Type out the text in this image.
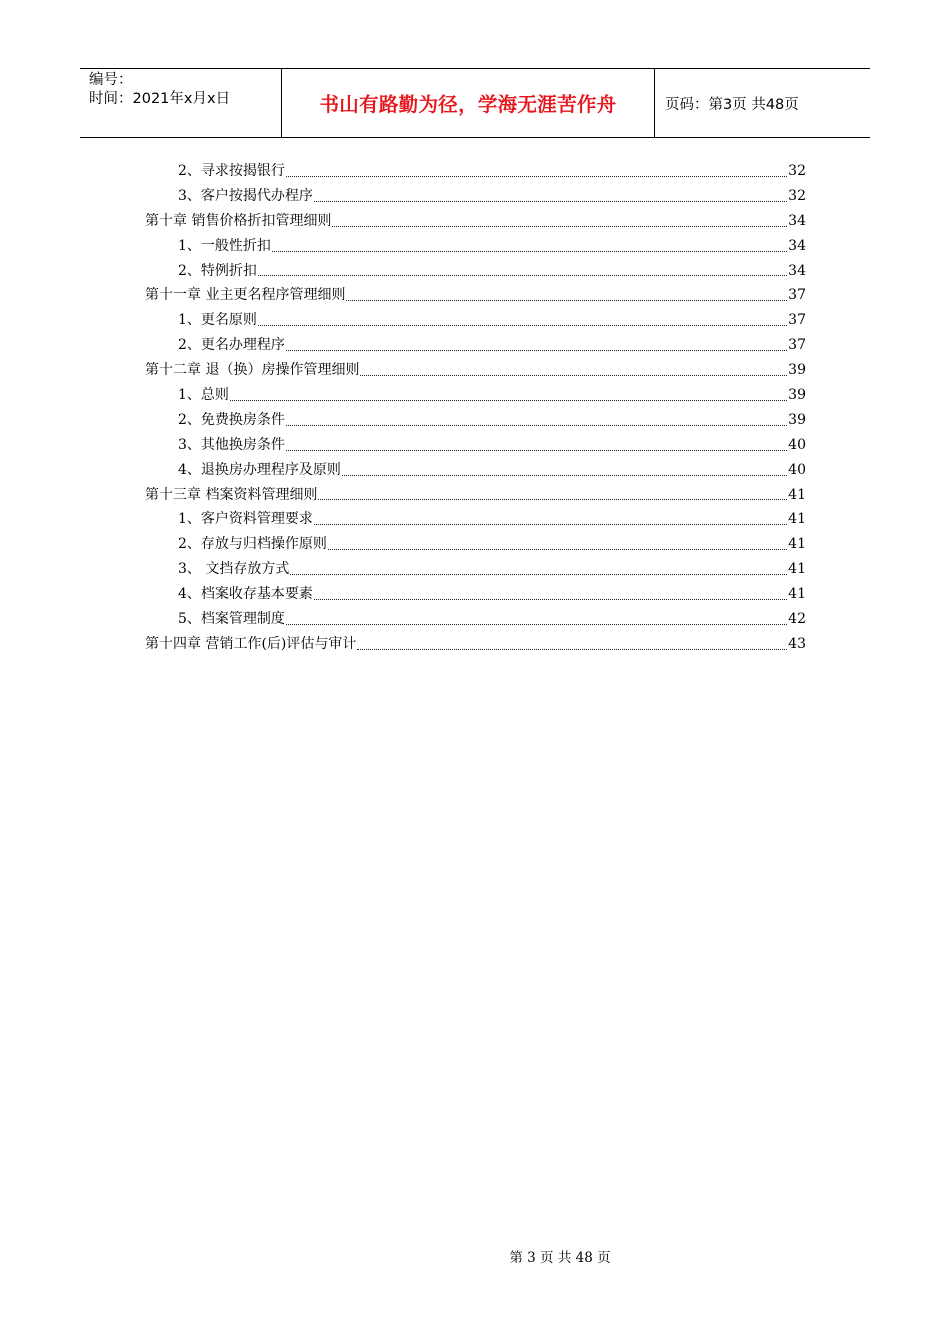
编号：
时间：2021年x月x日	书山有路勤为径，学海无涯苦作舟	页码：第3页 共48页
2、寻求按揭银行	32
3、客户按揭代办程序	32
第十章 销售价格折扣管理细则	34
1、一般性折扣	34
2、特例折扣	34
第十一章 业主更名程序管理细则	37
1、更名原则	37
2、更名办理程序	37
第十二章 退（换）房操作管理细则	39
1、总则	39
2、免费换房条件	39
3、其他换房条件	40
4、退换房办理程序及原则	40
第十三章 档案资料管理细则	41
1、客户资料管理要求	41
2、存放与归档操作原则	41
3、 文挡存放方式	41
4、档案收存基本要素	41
5、档案管理制度	42
第十四章 营销工作(后)评估与审计	43
第 3 页 共 48 页
